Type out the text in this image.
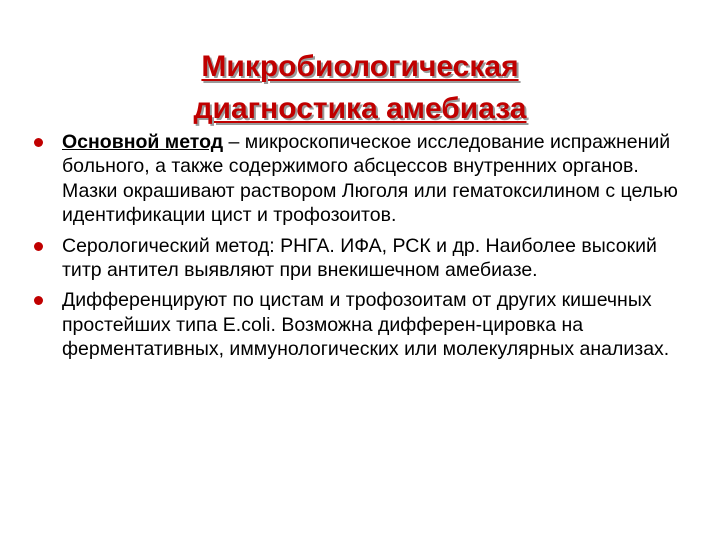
Микробиологическая
диагностика амебиаза
Основной метод – микроскопическое исследование испражнений больного, а также содержимого абсцессов внутренних органов. Мазки окрашивают раствором Люголя или гематоксилином с целью идентификации цист и трофозоитов.
Серологический метод: РНГА. ИФА, РСК и др. Наиболее высокий титр антител выявляют при внекишечном амебиазе.
Дифференцируют по цистам и трофозоитам от других кишечных простейших типа E.coli. Возможна дифферен-цировка на ферментативных, иммунологических или молекулярных анализах.
